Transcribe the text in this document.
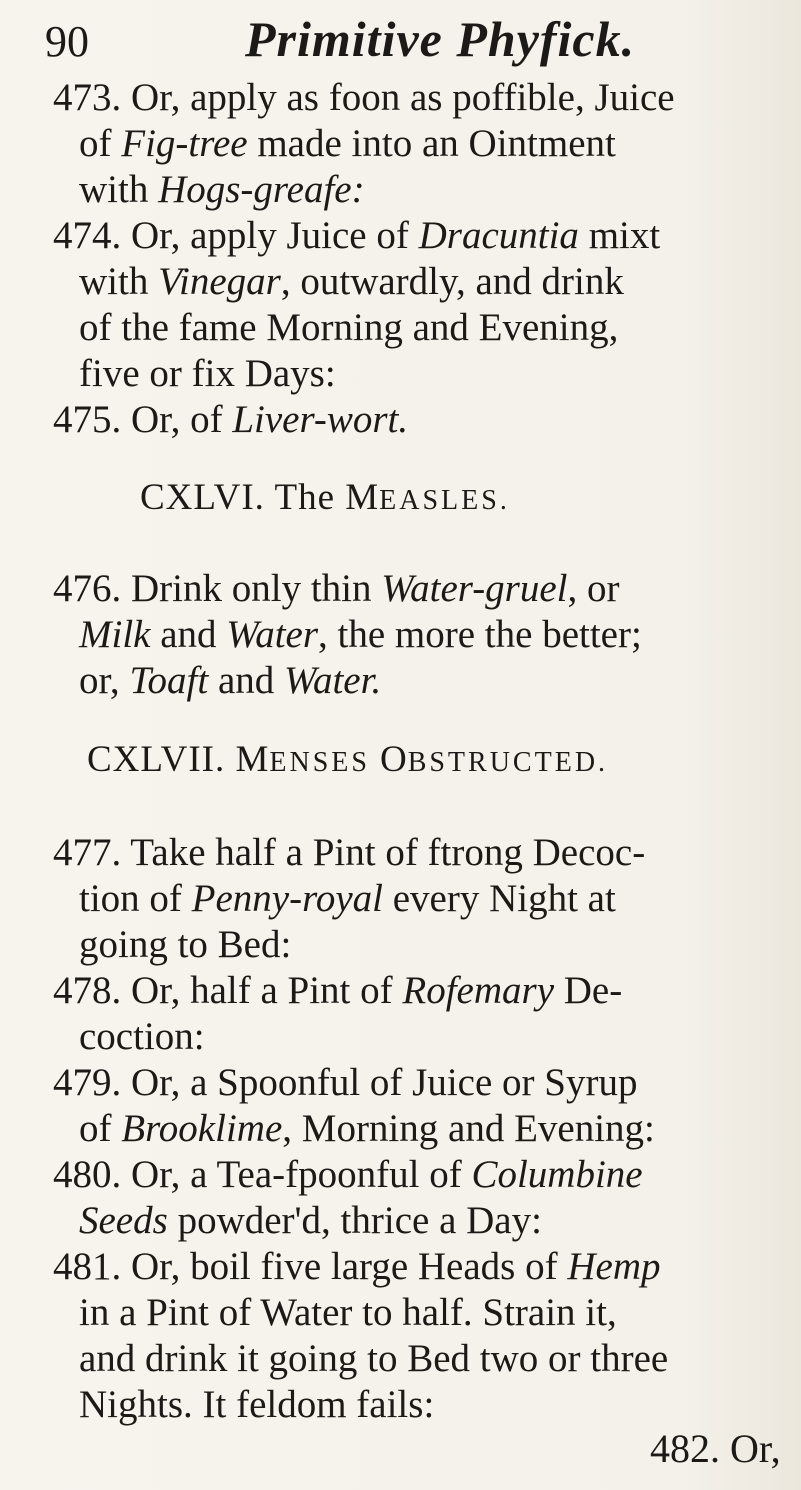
90	Primitive Phyfick.
473. Or, apply as foon as poffible, Juice
of Fig-tree made into an Ointment
with Hogs-greafe:
474. Or, apply Juice of Dracuntia mixt
with Vinegar, outwardly, and drink
of the fame Morning and Evening,
five or fix Days:
475. Or, of Liver-wort.
CXLVI. The MEASLES.
476. Drink only thin Water-gruel, or
Milk and Water, the more the better;
or, Toaft and Water.
CXLVII. MENSES OBSTRUCTED.
477. Take half a Pint of ftrong Decoc-
tion of Penny-royal every Night at
going to Bed:
478. Or, half a Pint of Rofemary De-
coction:
479. Or, a Spoonful of Juice or Syrup
of Brooklime, Morning and Evening:
480. Or, a Tea-fpoonful of Columbine
Seeds powder'd, thrice a Day:
481. Or, boil five large Heads of Hemp
in a Pint of Water to half. Strain it,
and drink it going to Bed two or three
Nights. It feldom fails:
482. Or,
